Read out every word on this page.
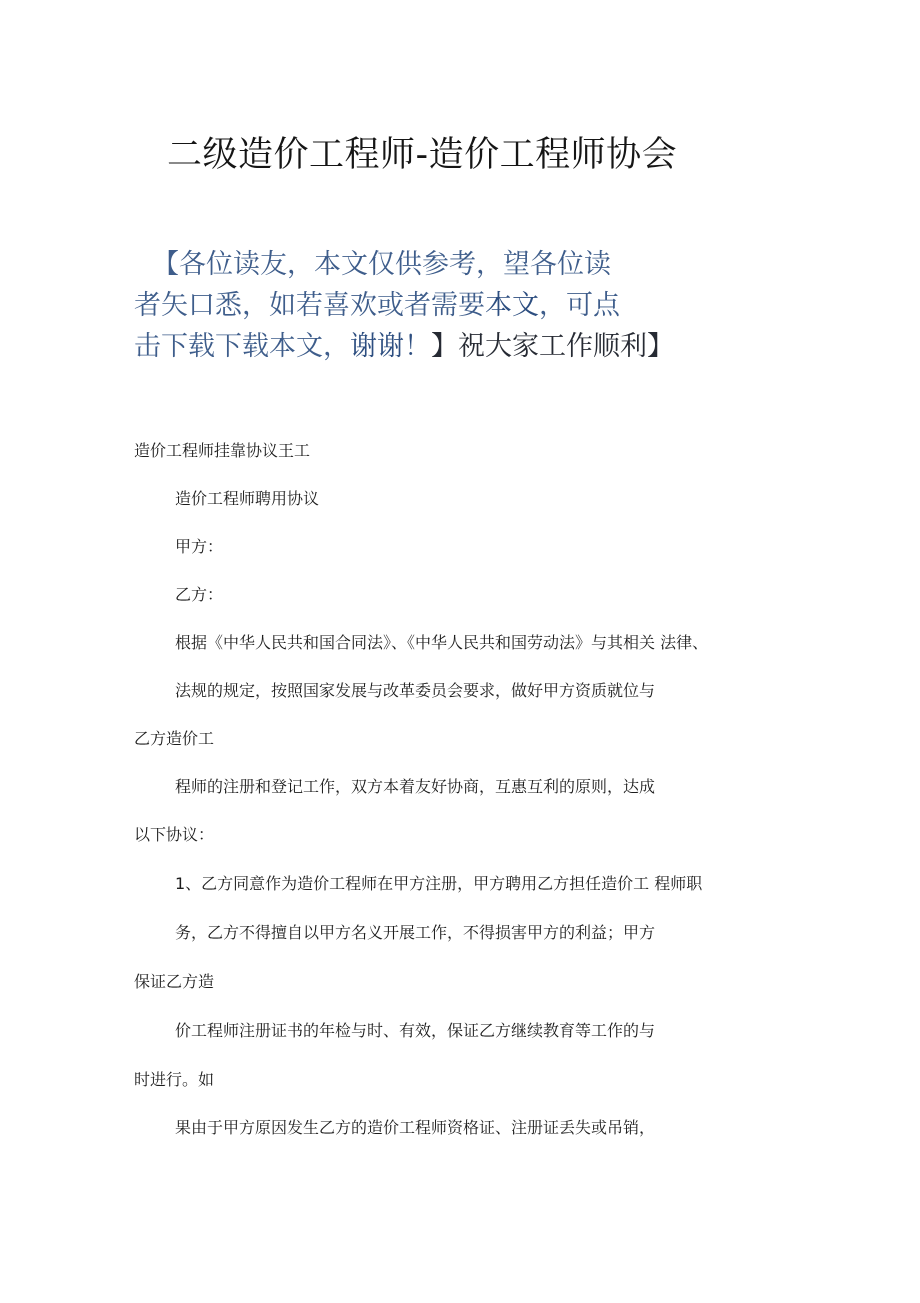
二级造价工程师-造价工程师协会
【各位读友，本文仅供参考，望各位读
者矢口悉，如若喜欢或者需要本文，可点
击下载下载本文，谢谢！】祝大家工作顺利】
造价工程师挂靠协议王工
造价工程师聘用协议
甲方：
乙方：
根据《中华人民共和国合同法》、《中华人民共和国劳动法》与其相关 法律、
法规的规定，按照国家发展与改革委员会要求，做好甲方资质就位与
乙方造价工
程师的注册和登记工作，双方本着友好协商，互惠互利的原则，达成
以下协议：
1、乙方同意作为造价工程师在甲方注册，甲方聘用乙方担任造价工 程师职
务，乙方不得擅自以甲方名义开展工作，不得损害甲方的利益；甲方
保证乙方造
价工程师注册证书的年检与时、有效，保证乙方继续教育等工作的与
时进行。如
果由于甲方原因发生乙方的造价工程师资格证、注册证丢失或吊销，
